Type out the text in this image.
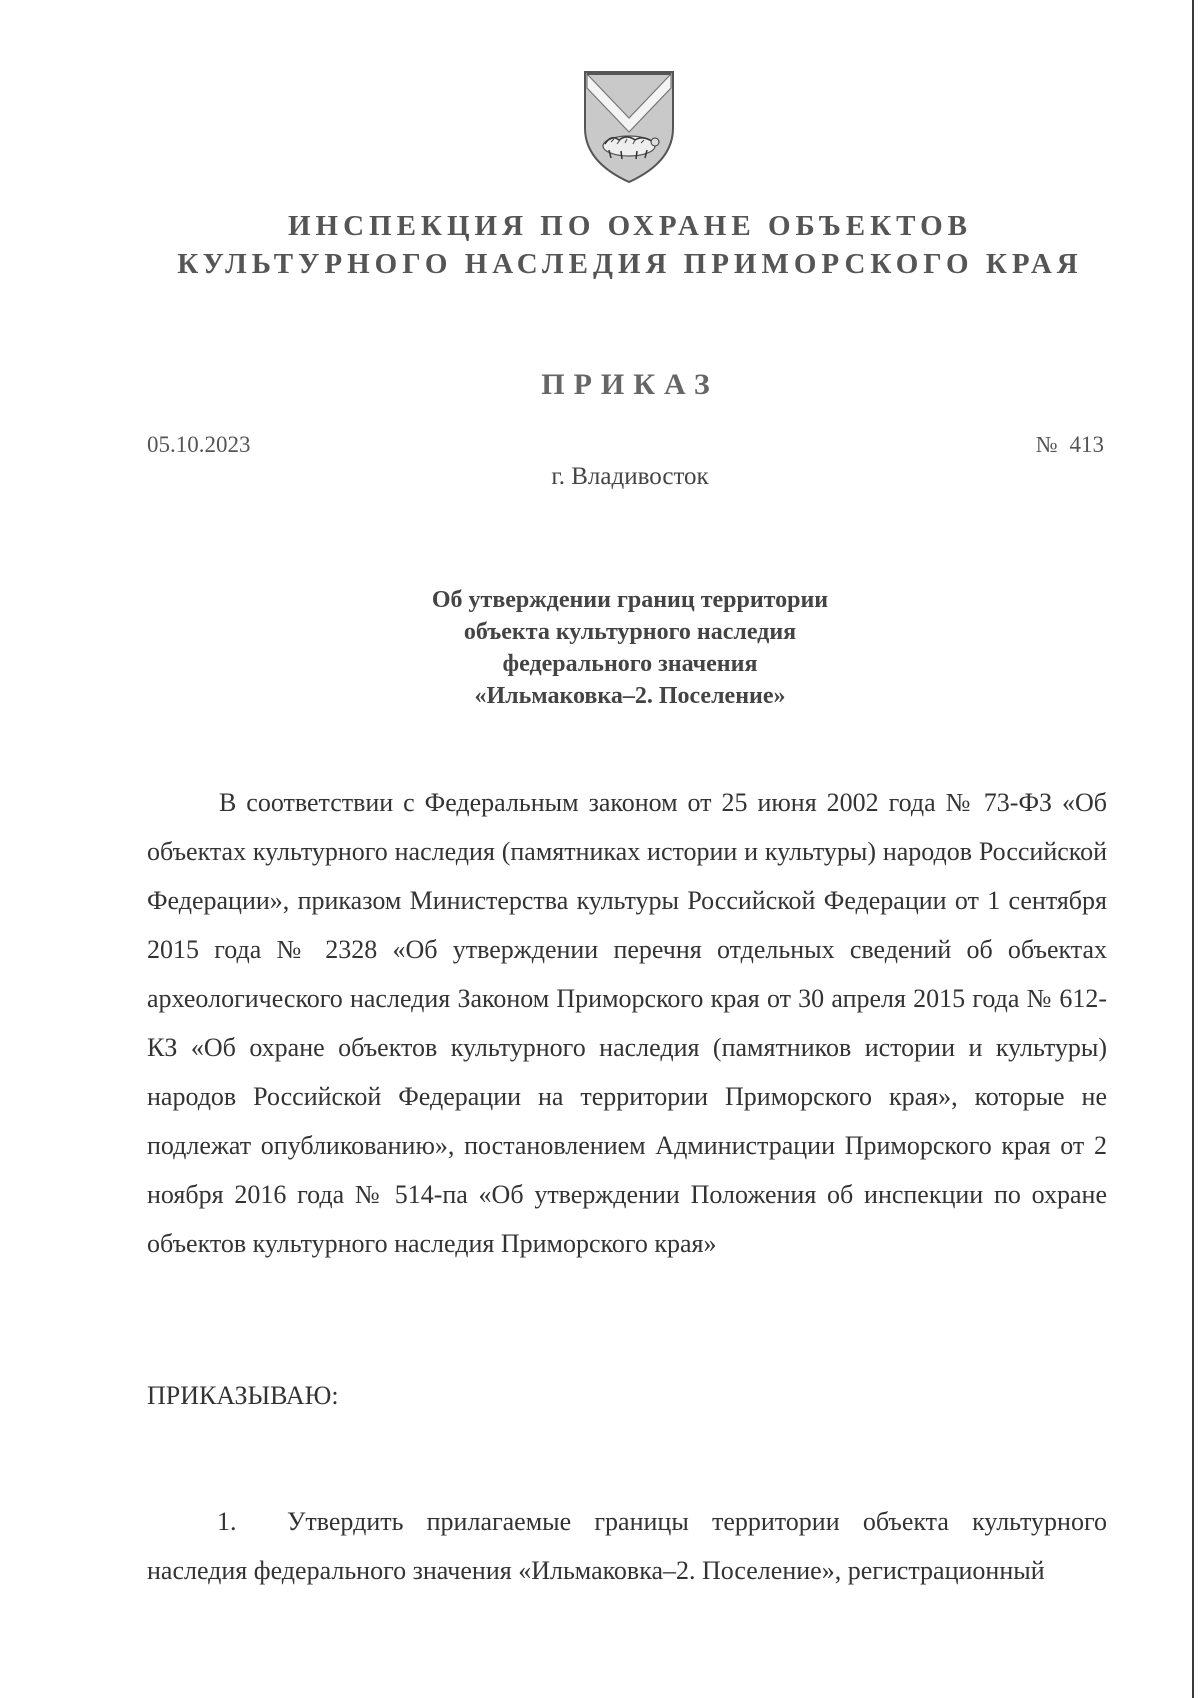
ИНСПЕКЦИЯ ПО ОХРАНЕ ОБЪЕКТОВ
КУЛЬТУРНОГО НАСЛЕДИЯ ПРИМОРСКОГО КРАЯ
ПРИКАЗ
05.10.2023	№ 413
г. Владивосток
Об утверждении границ территории
объекта культурного наследия
федерального значения
«Ильмаковка–2. Поселение»

В соответствии с Федеральным законом от 25 июня 2002 года № 73-ФЗ «Об объектах культурного наследия (памятниках истории и культуры) народов Российской Федерации», приказом Министерства культуры Российской Федерации от 1 сентября 2015 года № 2328 «Об утверждении перечня отдельных сведений об объектах археологического наследия Законом Приморского края от 30 апреля 2015 года № 612-КЗ «Об охране объектов культурного наследия (памятников истории и культуры) народов Российской Федерации на территории Приморского края», которые не подлежат опубликованию», постановлением Администрации Приморского края от 2 ноября 2016 года № 514-па «Об утверждении Положения об инспекции по охране объектов культурного наследия Приморского края»

ПРИКАЗЫВАЮ:

1. Утвердить прилагаемые границы территории объекта культурного наследия федерального значения «Ильмаковка–2. Поселение», регистрационный
